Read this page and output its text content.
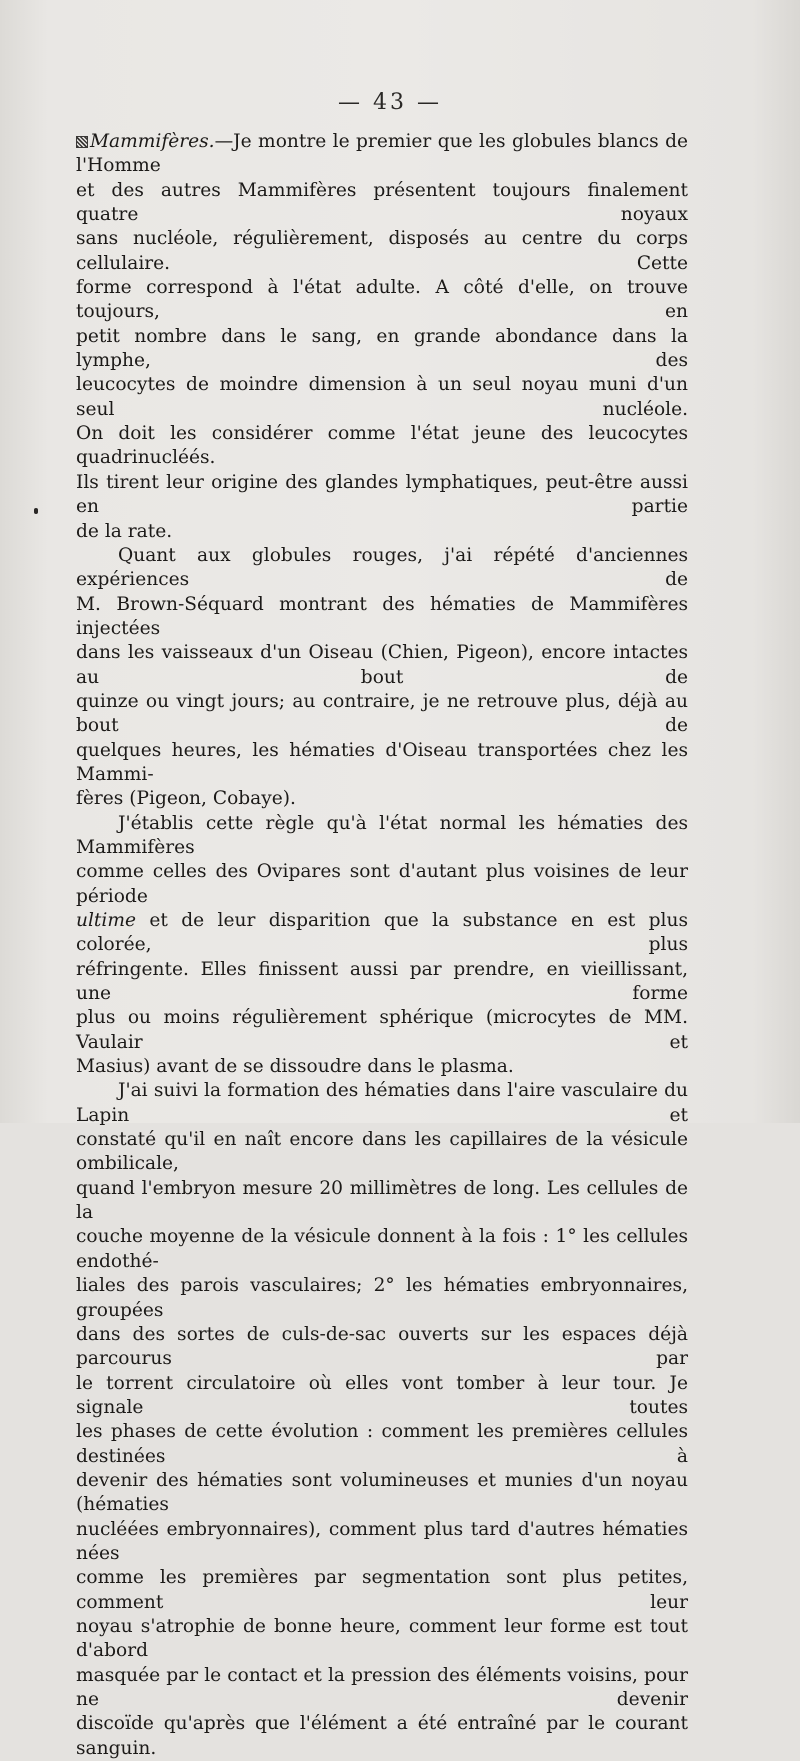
— 43 —

Mammifères.—Je montre le premier que les globules blancs de l'Homme

et des autres Mammifères présentent toujours finalement quatre noyaux

sans nucléole, régulièrement, disposés au centre du corps cellulaire. Cette

forme correspond à l'état adulte. A côté d'elle, on trouve toujours, en

petit nombre dans le sang, en grande abondance dans la lymphe, des

leucocytes de moindre dimension à un seul noyau muni d'un seul nucléole.

On doit les considérer comme l'état jeune des leucocytes quadrinucléés.

Ils tirent leur origine des glandes lymphatiques, peut-être aussi en partie

de la rate.

Quant aux globules rouges, j'ai répété d'anciennes expériences de

M. Brown-Séquard montrant des hématies de Mammifères injectées

dans les vaisseaux d'un Oiseau (Chien, Pigeon), encore intactes au bout de

quinze ou vingt jours; au contraire, je ne retrouve plus, déjà au bout de

quelques heures, les hématies d'Oiseau transportées chez les Mammi-

fères (Pigeon, Cobaye).

J'établis cette règle qu'à l'état normal les hématies des Mammifères

comme celles des Ovipares sont d'autant plus voisines de leur période

ultime et de leur disparition que la substance en est plus colorée, plus

réfringente. Elles finissent aussi par prendre, en vieillissant, une forme

plus ou moins régulièrement sphérique (microcytes de MM. Vaulair et

Masius) avant de se dissoudre dans le plasma.

J'ai suivi la formation des hématies dans l'aire vasculaire du Lapin et

constaté qu'il en naît encore dans les capillaires de la vésicule ombilicale,

quand l'embryon mesure 20 millimètres de long. Les cellules de la

couche moyenne de la vésicule donnent à la fois : 1° les cellules endothé-

liales des parois vasculaires; 2° les hématies embryonnaires, groupées

dans des sortes de culs-de-sac ouverts sur les espaces déjà parcourus par

le torrent circulatoire où elles vont tomber à leur tour. Je signale toutes

les phases de cette évolution : comment les premières cellules destinées à

devenir des hématies sont volumineuses et munies d'un noyau (hématies

nucléées embryonnaires), comment plus tard d'autres hématies nées

comme les premières par segmentation sont plus petites, comment leur

noyau s'atrophie de bonne heure, comment leur forme est tout d'abord

masquée par le contact et la pression des éléments voisins, pour ne devenir

discoïde qu'après que l'élément a été entraîné par le courant sanguin.
